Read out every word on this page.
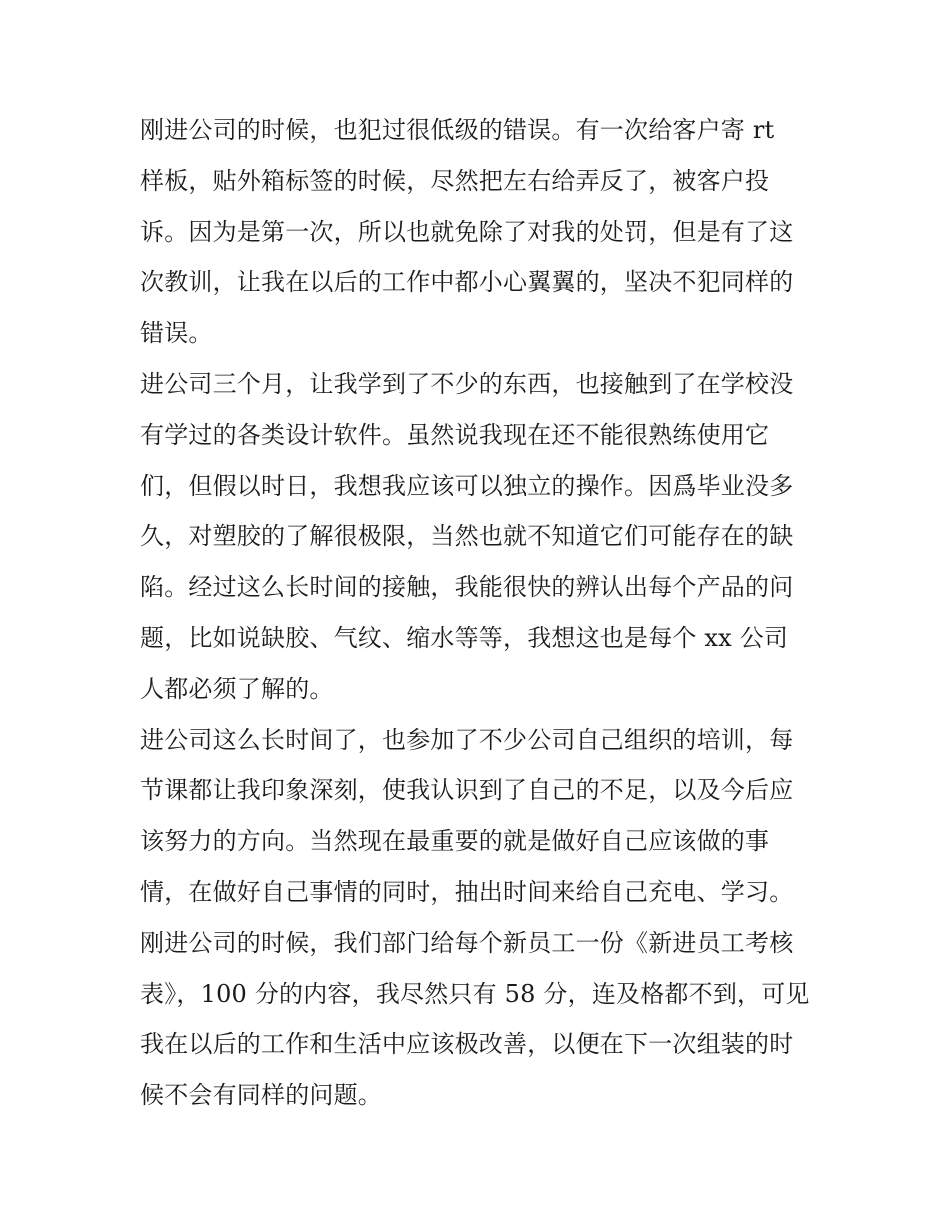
刚进公司的时候，也犯过很低级的错误。有一次给客户寄 rt
样板，贴外箱标签的时候，尽然把左右给弄反了，被客户投
诉。因为是第一次，所以也就免除了对我的处罚，但是有了这
次教训，让我在以后的工作中都小心翼翼的，坚决不犯同样的
错误。
进公司三个月，让我学到了不少的东西，也接触到了在学校没
有学过的各类设计软件。虽然说我现在还不能很熟练使用它
们，但假以时日，我想我应该可以独立的操作。因爲毕业没多
久，对塑胶的了解很极限，当然也就不知道它们可能存在的缺
陷。经过这么长时间的接触，我能很快的辨认出每个产品的问
题，比如说缺胶、气纹、缩水等等，我想这也是每个 xx 公司
人都必须了解的。
进公司这么长时间了，也参加了不少公司自己组织的培训，每
节课都让我印象深刻，使我认识到了自己的不足，以及今后应
该努力的方向。当然现在最重要的就是做好自己应该做的事
情，在做好自己事情的同时，抽出时间来给自己充电、学习。
刚进公司的时候，我们部门给每个新员工一份《新进员工考核
表》，100 分的内容，我尽然只有 58 分，连及格都不到，可见
我在以后的工作和生活中应该极改善，以便在下一次组装的时
候不会有同样的问题。
